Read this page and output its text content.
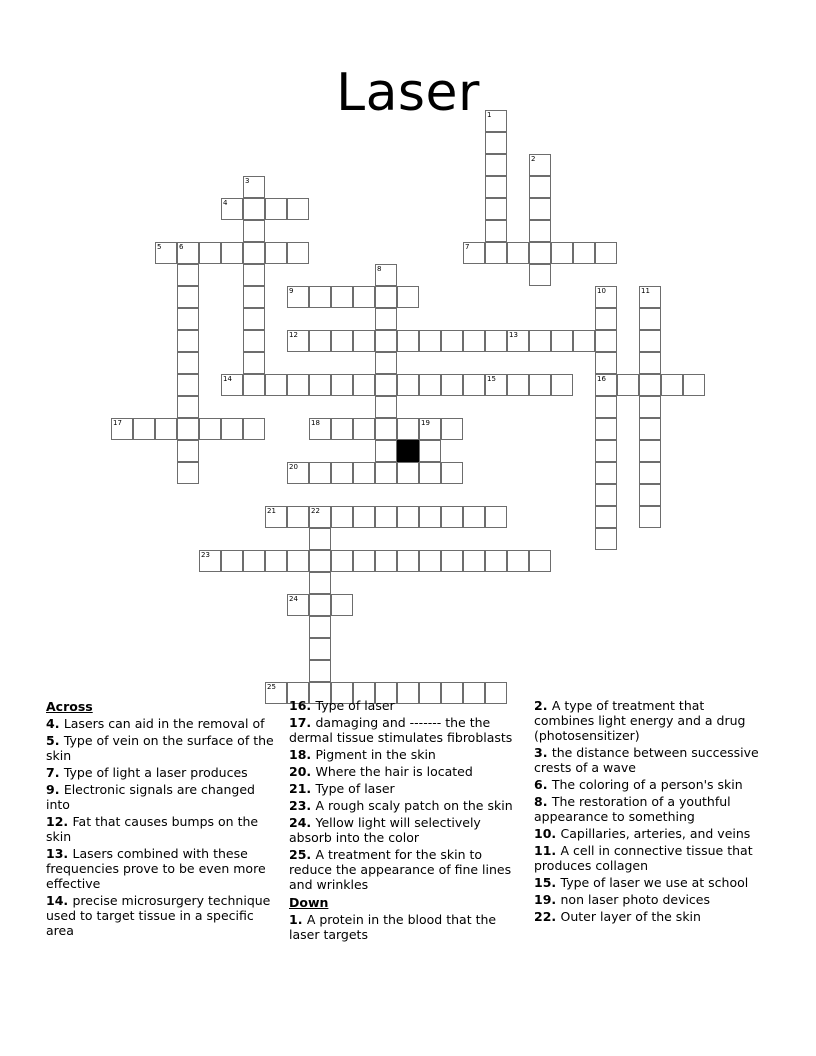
Laser	1
2
3
4
5	6	7
8
9	10
16
11
12	13
14	15
17	18	19
20
21	22
23
24
25
Across

4. Lasers can aid in the removal of

5. Type of vein on the surface of the skin

7. Type of light a laser produces

9. Electronic signals are changed into

12. Fat that causes bumps on the skin

13. Lasers combined with these frequencies prove to be even more effective

14. precise microsurgery technique used to target tissue in a specific area

16. Type of laser

17. damaging and ------- the the dermal tissue stimulates fibroblasts

18. Pigment in the skin

20. Where the hair is located

21. Type of laser

23. A rough scaly patch on the skin

24. Yellow light will selectively absorb into the color

25. A treatment for the skin to reduce the appearance of fine lines and wrinkles

Down

1. A protein in the blood that the laser targets

2. A type of treatment that combines light energy and a drug (photosensitizer)

3. the distance between successive crests of a wave

6. The coloring of a person's skin

8. The restoration of a youthful appearance to something

10. Capillaries, arteries, and veins

11. A cell in connective tissue that produces collagen

15. Type of laser we use at school

19. non laser photo devices

22. Outer layer of the skin
